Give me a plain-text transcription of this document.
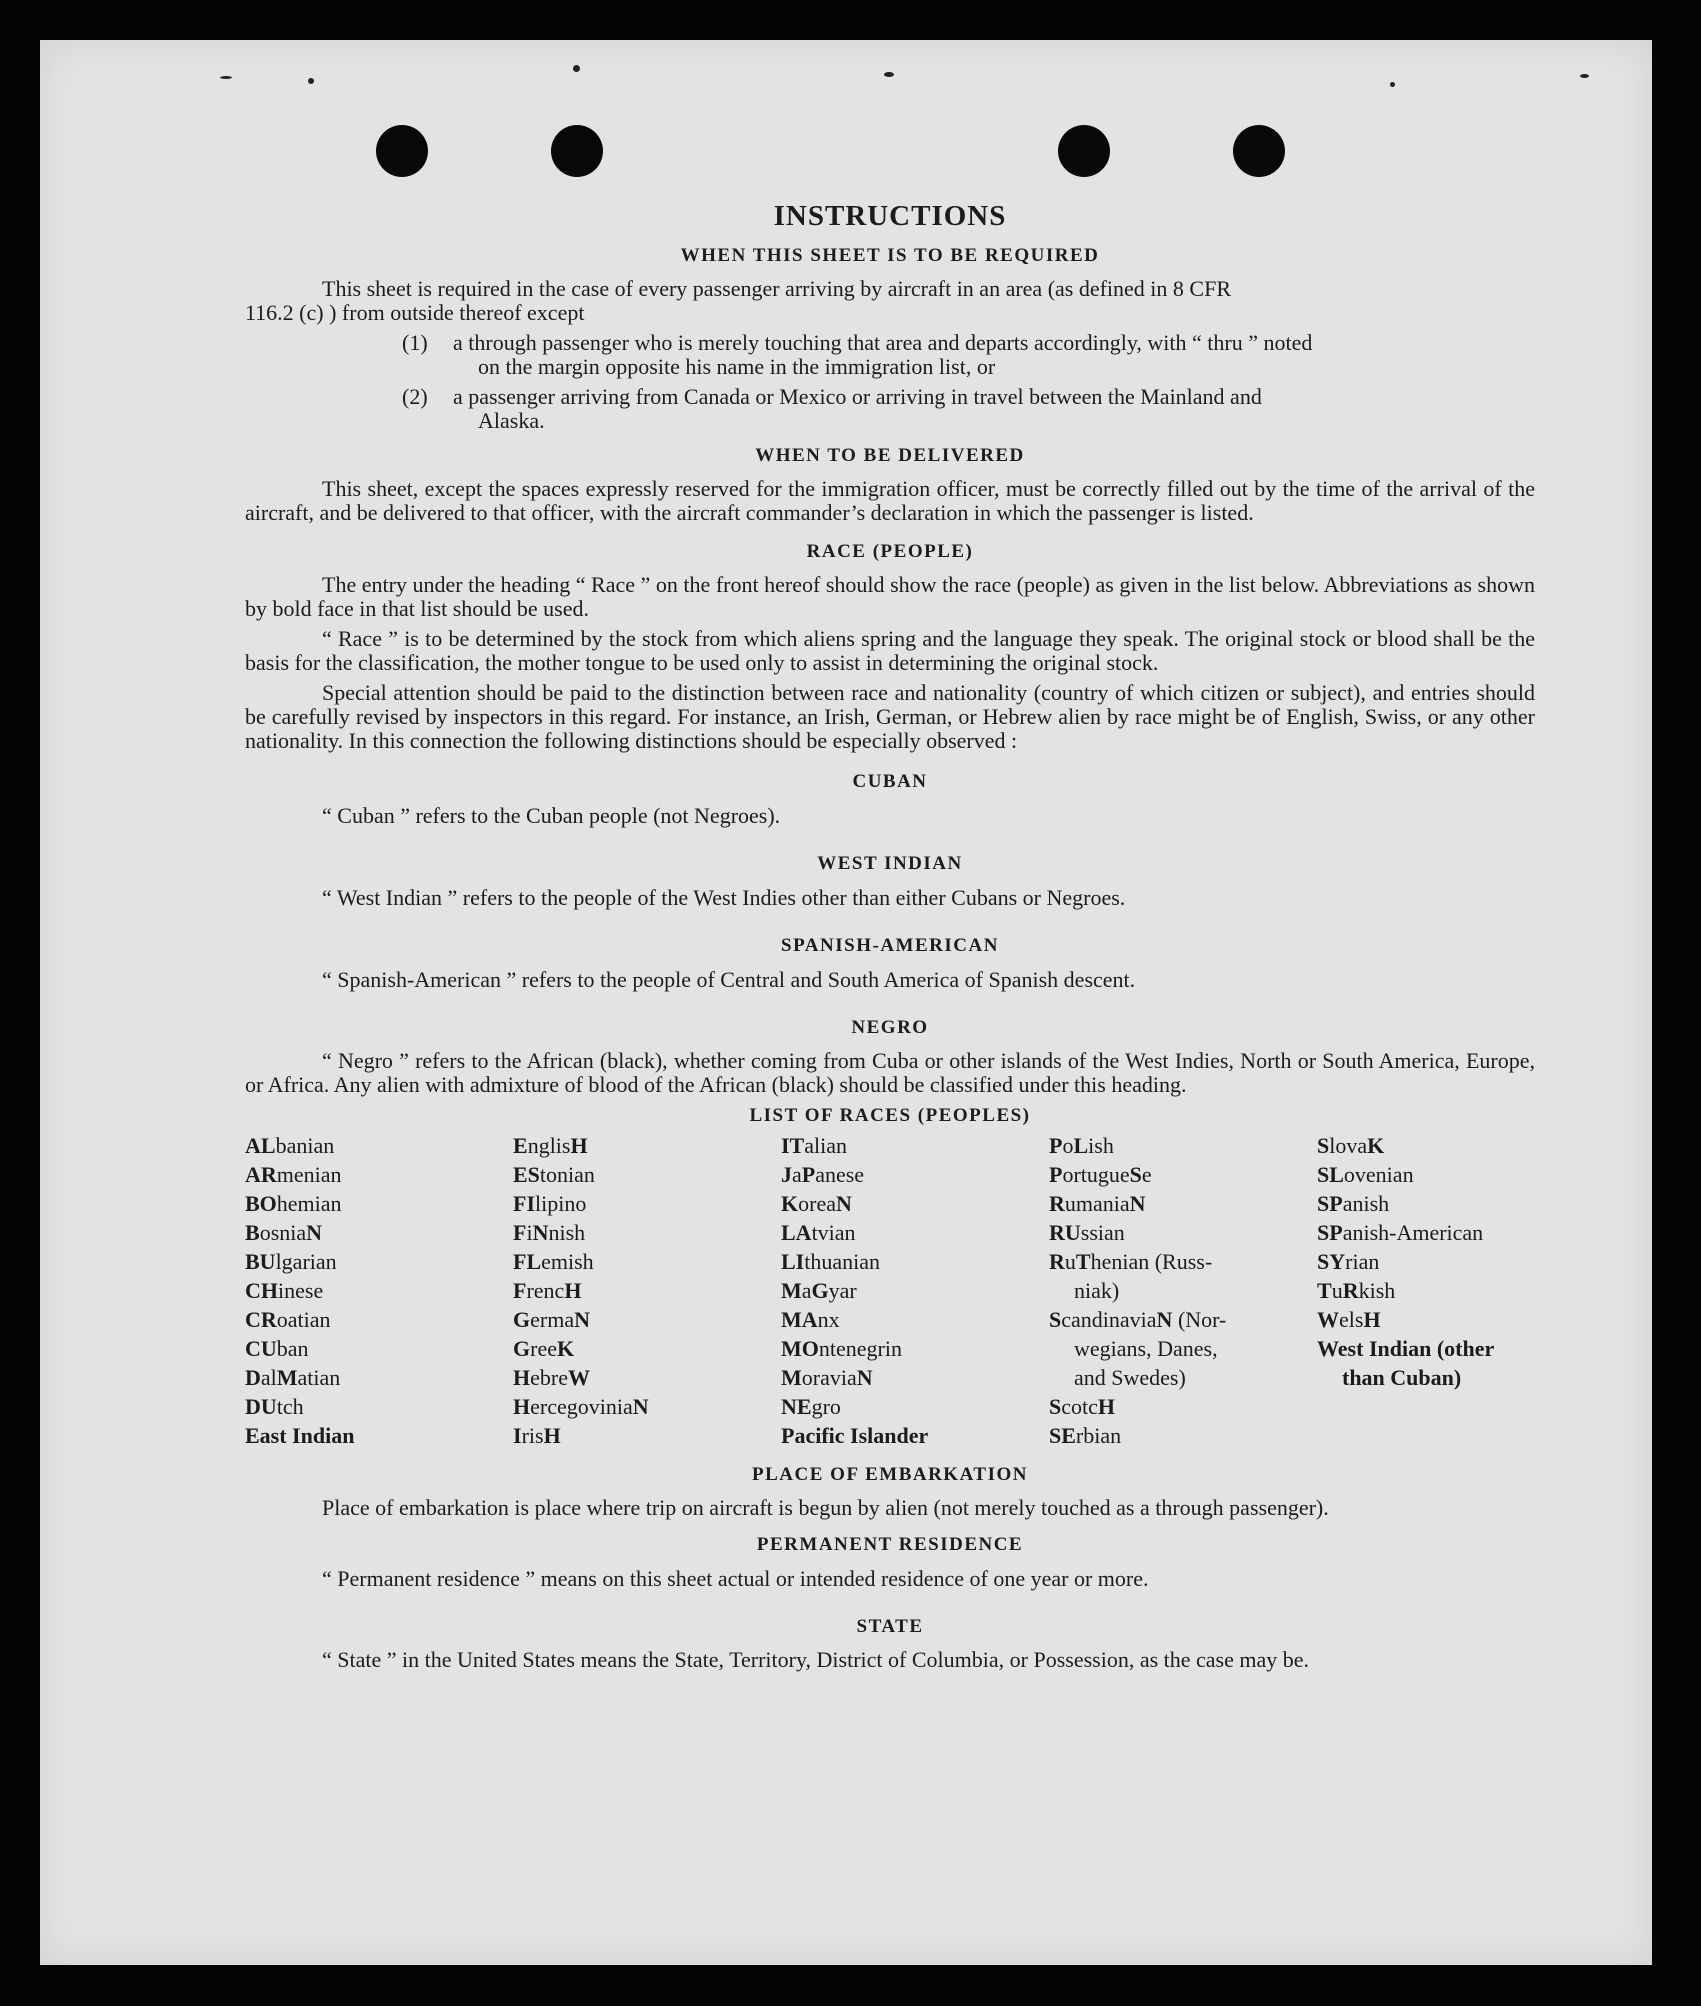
INSTRUCTIONS
WHEN THIS SHEET IS TO BE REQUIRED
This sheet is required in the case of every passenger arriving by aircraft in an area (as defined in 8 CFR
116.2 (c) ) from outside thereof except
(1)	a through passenger who is merely touching that area and departs accordingly, with “ thru ” noted
on the margin opposite his name in the immigration list, or
(2)	a passenger arriving from Canada or Mexico or arriving in travel between the Mainland and
Alaska.
WHEN TO BE DELIVERED
This sheet, except the spaces expressly reserved for the immigration officer, must be correctly filled out by the time of the arrival of the aircraft, and be delivered to that officer, with the aircraft commander’s declaration in which the passenger is listed.
RACE (PEOPLE)
The entry under the heading “ Race ” on the front hereof should show the race (people) as given in the list below. Abbreviations as shown by bold face in that list should be used.
“ Race ” is to be determined by the stock from which aliens spring and the language they speak. The original stock or blood shall be the basis for the classification, the mother tongue to be used only to assist in determining the original stock.
Special attention should be paid to the distinction between race and nationality (country of which citizen or subject), and entries should be carefully revised by inspectors in this regard. For instance, an Irish, German, or Hebrew alien by race might be of English, Swiss, or any other nationality. In this connection the following distinctions should be especially observed :
CUBAN
“ Cuban ” refers to the Cuban people (not Negroes).
WEST INDIAN
“ West Indian ” refers to the people of the West Indies other than either Cubans or Negroes.
SPANISH-AMERICAN
“ Spanish-American ” refers to the people of Central and South America of Spanish descent.
NEGRO
“ Negro ” refers to the African (black), whether coming from Cuba or other islands of the West Indies, North or South America, Europe, or Africa. Any alien with admixture of blood of the African (black) should be classified under this heading.
LIST OF RACES (PEOPLES)
ALbanian
ARmenian
BOhemian
BosniaN
BUlgarian
CHinese
CRoatian
CUban
DalMatian
DUtch
East Indian
EnglisH
EStonian
FIlipino
FiNnish
FLemish
FrencH
GermaN
GreeK
HebreW
HercegoviniaN
IrisH
ITalian
JaPanese
KoreaN
LAtvian
LIthuanian
MaGyar
MAnx
MOntenegrin
MoraviaN
NEgro
Pacific Islander
PoLish
PortugueSe
RumaniaN
RUssian
RuThenian (Russ-
niak)
ScandinaviaN (Nor-
wegians, Danes,
and Swedes)
ScotcH
SErbian
SlovaK
SLovenian
SPanish
SPanish-American
SYrian
TuRkish
WelsH
West Indian (other
than Cuban)
PLACE OF EMBARKATION
Place of embarkation is place where trip on aircraft is begun by alien (not merely touched as a through passenger).
PERMANENT RESIDENCE
“ Permanent residence ” means on this sheet actual or intended residence of one year or more.
STATE
“ State ” in the United States means the State, Territory, District of Columbia, or Possession, as the case may be.
